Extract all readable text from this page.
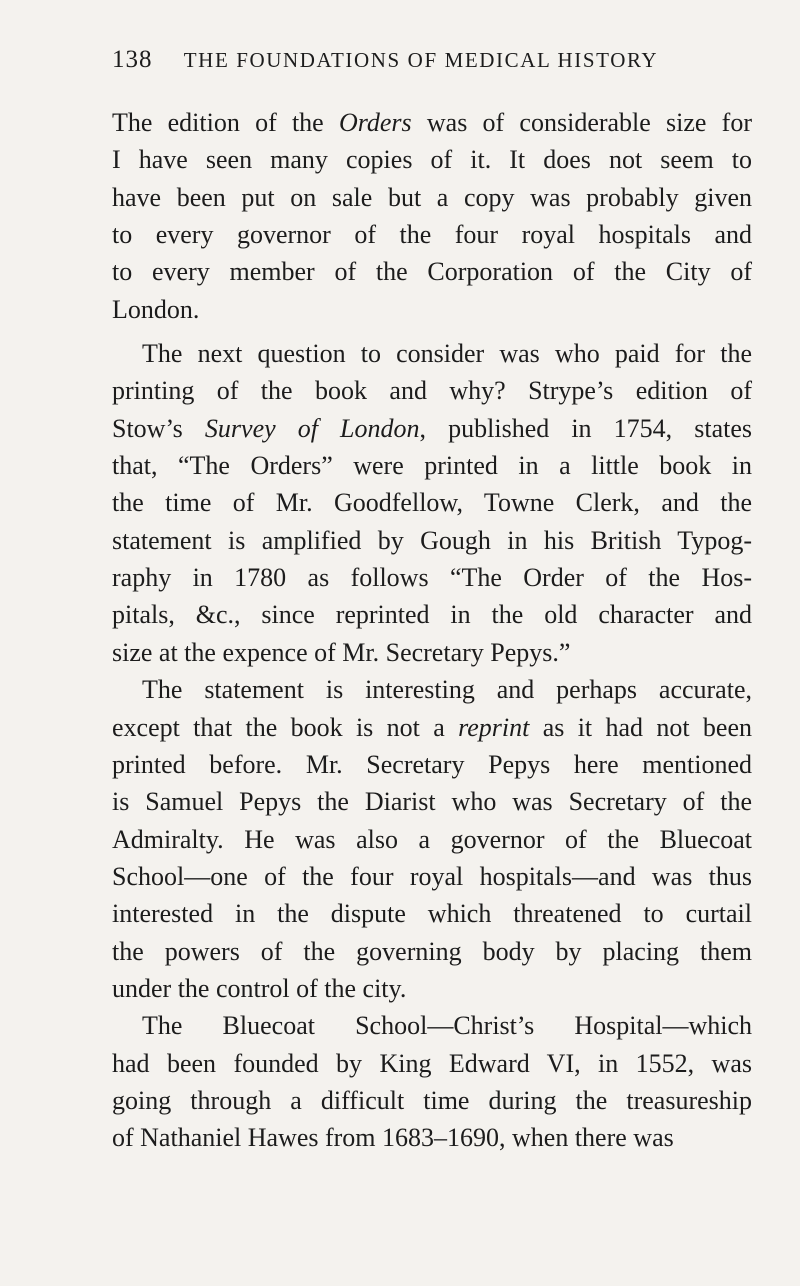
138 THE FOUNDATIONS OF MEDICAL HISTORY
The edition of the Orders was of considerable size for
I have seen many copies of it. It does not seem to
have been put on sale but a copy was probably given
to every governor of the four royal hospitals and
to every member of the Corporation of the City of
London.
The next question to consider was who paid for the
printing of the book and why? Strype’s edition of
Stow’s Survey of London, published in 1754, states
that, “The Orders” were printed in a little book in
the time of Mr. Goodfellow, Towne Clerk, and the
statement is amplified by Gough in his British Typog-
raphy in 1780 as follows “The Order of the Hos-
pitals, &c., since reprinted in the old character and
size at the expence of Mr. Secretary Pepys.”
The statement is interesting and perhaps accurate,
except that the book is not a reprint as it had not been
printed before. Mr. Secretary Pepys here mentioned
is Samuel Pepys the Diarist who was Secretary of the
Admiralty. He was also a governor of the Bluecoat
School—one of the four royal hospitals—and was thus
interested in the dispute which threatened to curtail
the powers of the governing body by placing them
under the control of the city.
The Bluecoat School—Christ’s Hospital—which
had been founded by King Edward VI, in 1552, was
going through a difficult time during the treasureship
of Nathaniel Hawes from 1683–1690, when there was
